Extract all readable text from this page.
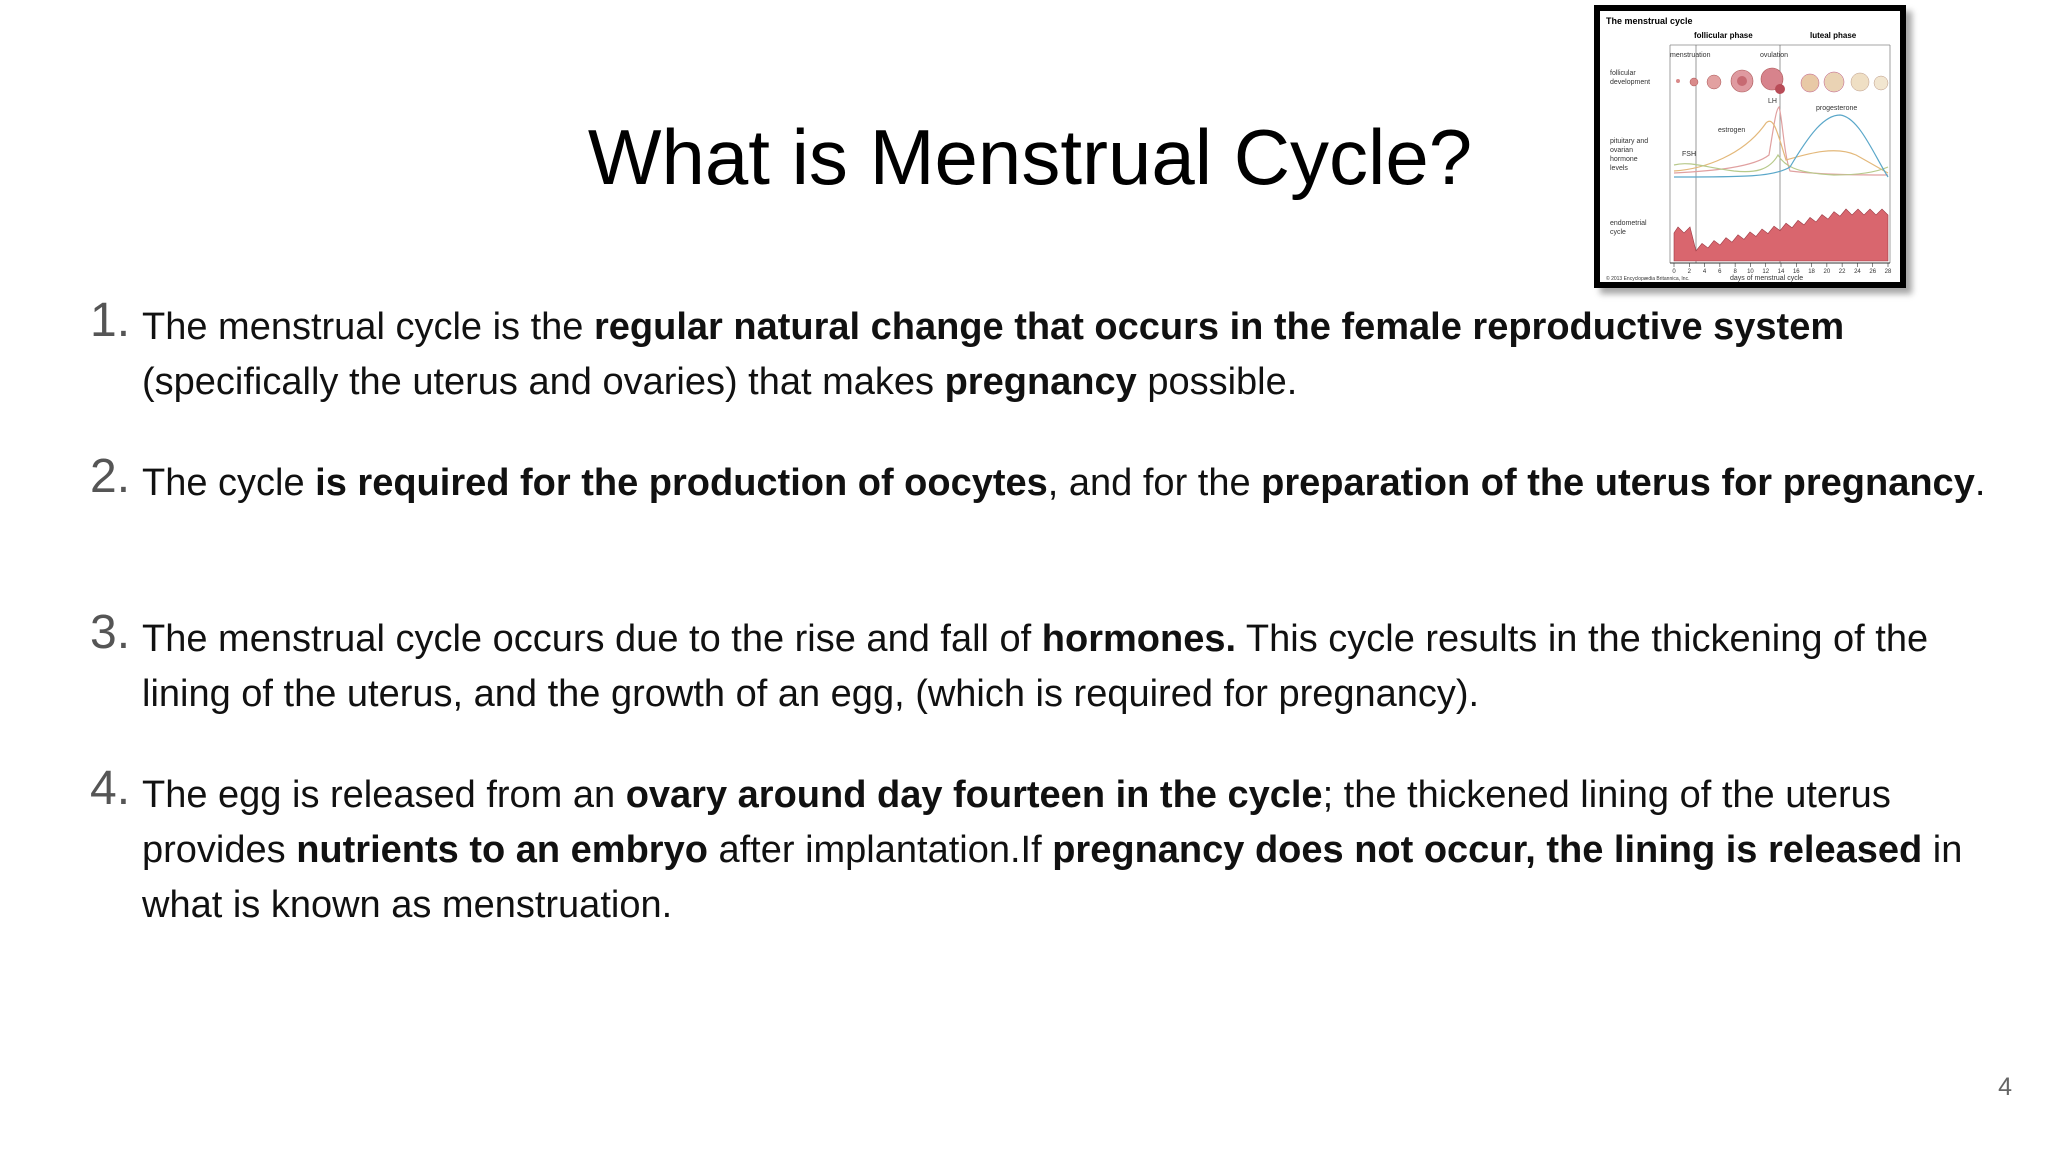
What is Menstrual Cycle?
1. The menstrual cycle is the regular natural change that occurs in the female reproductive system (specifically the uterus and ovaries) that makes pregnancy possible.
2. The cycle is required for the production of oocytes, and for the preparation of the uterus for pregnancy.
3. The menstrual cycle occurs due to the rise and fall of hormones. This cycle results in the thickening of the lining of the uterus, and the growth of an egg, (which is required for pregnancy).
4. The egg is released from an ovary around day fourteen in the cycle; the thickened lining of the uterus provides nutrients to an embryo after implantation.If pregnancy does not occur, the lining is released in what is known as menstruation.
4
The menstrual cycle
follicular phase	luteal phase
menstruation	ovulation
follicular
development
pituitary and
ovarian
hormone
levels
endometrial
cycle
LH
estrogen
FSH
progesterone
days of menstrual cycle
© 2013 Encyclopædia Britannica, Inc.
0 2 4 6 8 10 12 14 16 18 20 22 24 26 28
